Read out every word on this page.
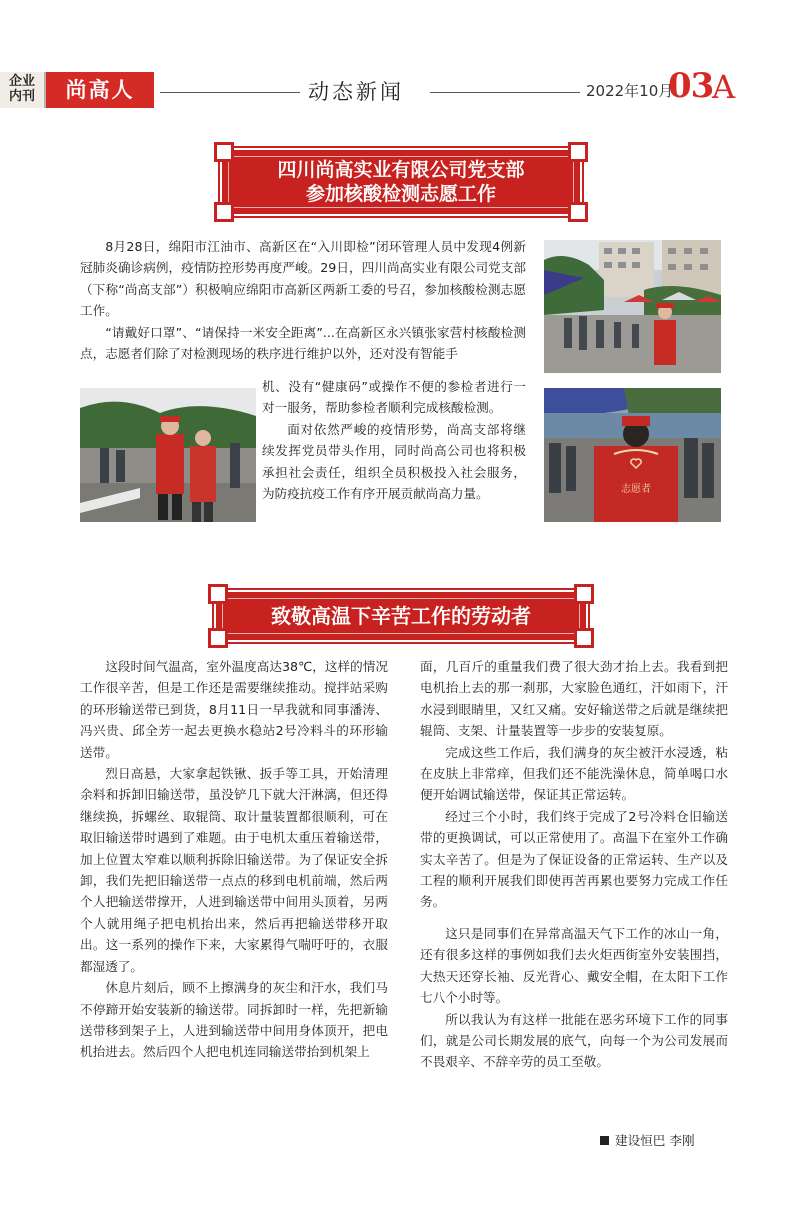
企业
内刊	尚高人	动态新闻	2022年10月
03
A
四川尚高实业有限公司党支部
参加核酸检测志愿工作

8月28日，绵阳市江油市、高新区在“入川即检”闭环管理人员中发现4例新冠肺炎确诊病例，疫情防控形势再度严峻。29日，四川尚高实业有限公司党支部（下称“尚高支部”）积极响应绵阳市高新区两新工委的号召，参加核酸检测志愿工作。

“请戴好口罩”、“请保持一米安全距离”...在高新区永兴镇张家营村核酸检测点，志愿者们除了对检测现场的秩序进行维护以外，还对没有智能手

机、没有“健康码”或操作不便的参检者进行一对一服务，帮助参检者顺利完成核酸检测。

面对依然严峻的疫情形势，尚高支部将继续发挥党员带头作用，同时尚高公司也将积极承担社会责任，组织全员积极投入社会服务，为防疫抗疫工作有序开展贡献尚高力量。	志愿者
致敬高温下辛苦工作的劳动者

这段时间气温高，室外温度高达38℃，这样的情况工作很辛苦，但是工作还是需要继续推动。搅拌站采购的环形输送带已到货，8月11日一早我就和同事潘涛、冯兴贵、邱全芳一起去更换水稳站2号冷料斗的环形输送带。

烈日高悬，大家拿起铁锹、扳手等工具，开始清理余料和拆卸旧输送带，虽没铲几下就大汗淋漓，但还得继续换，拆螺丝、取辊筒、取计量装置都很顺利，可在取旧输送带时遇到了难题。由于电机太重压着输送带，加上位置太窄难以顺利拆除旧输送带。为了保证安全拆卸，我们先把旧输送带一点点的移到电机前端，然后两个人把输送带撑开，人进到输送带中间用头顶着，另两个人就用绳子把电机抬出来，然后再把输送带移开取出。这一系列的操作下来，大家累得气喘吁吁的，衣服都湿透了。

休息片刻后，顾不上擦满身的灰尘和汗水，我们马不停蹄开始安装新的输送带。同拆卸时一样，先把新输送带移到架子上，人进到输送带中间用身体顶开，把电机抬进去。然后四个人把电机连同输送带抬到机架上

面，几百斤的重量我们费了很大劲才抬上去。我看到把电机抬上去的那一刹那，大家脸色通红，汗如雨下，汗水浸到眼睛里，又红又痛。安好输送带之后就是继续把辊筒、支架、计量装置等一步步的安装复原。

完成这些工作后，我们满身的灰尘被汗水浸透，粘在皮肤上非常痒，但我们还不能洗澡休息，简单喝口水便开始调试输送带，保证其正常运转。

经过三个小时，我们终于完成了2号冷料仓旧输送带的更换调试，可以正常使用了。高温下在室外工作确实太辛苦了。但是为了保证设备的正常运转、生产以及工程的顺利开展我们即使再苦再累也要努力完成工作任务。

这只是同事们在异常高温天气下工作的冰山一角，还有很多这样的事例如我们去火炬西街室外安装围挡，大热天还穿长袖、反光背心、戴安全帽，在太阳下工作七八个小时等。

所以我认为有这样一批能在恶劣环境下工作的同事们，就是公司长期发展的底气，向每一个为公司发展而不畏艰辛、不辞辛劳的员工至敬。

建设恒巴 李刚
